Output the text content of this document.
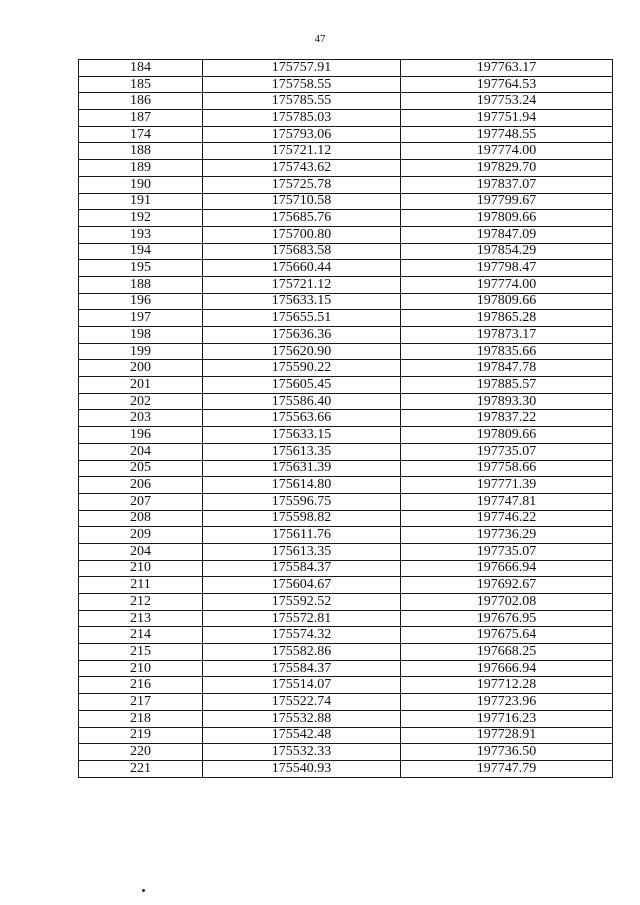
47
184	175757.91	197763.17
185	175758.55	197764.53
186	175785.55	197753.24
187	175785.03	197751.94
174	175793.06	197748.55
188	175721.12	197774.00
189	175743.62	197829.70
190	175725.78	197837.07
191	175710.58	197799.67
192	175685.76	197809.66
193	175700.80	197847.09
194	175683.58	197854.29
195	175660.44	197798.47
188	175721.12	197774.00
196	175633.15	197809.66
197	175655.51	197865.28
198	175636.36	197873.17
199	175620.90	197835.66
200	175590.22	197847.78
201	175605.45	197885.57
202	175586.40	197893.30
203	175563.66	197837.22
196	175633.15	197809.66
204	175613.35	197735.07
205	175631.39	197758.66
206	175614.80	197771.39
207	175596.75	197747.81
208	175598.82	197746.22
209	175611.76	197736.29
204	175613.35	197735.07
210	175584.37	197666.94
211	175604.67	197692.67
212	175592.52	197702.08
213	175572.81	197676.95
214	175574.32	197675.64
215	175582.86	197668.25
210	175584.37	197666.94
216	175514.07	197712.28
217	175522.74	197723.96
218	175532.88	197716.23
219	175542.48	197728.91
220	175532.33	197736.50
221	175540.93	197747.79
